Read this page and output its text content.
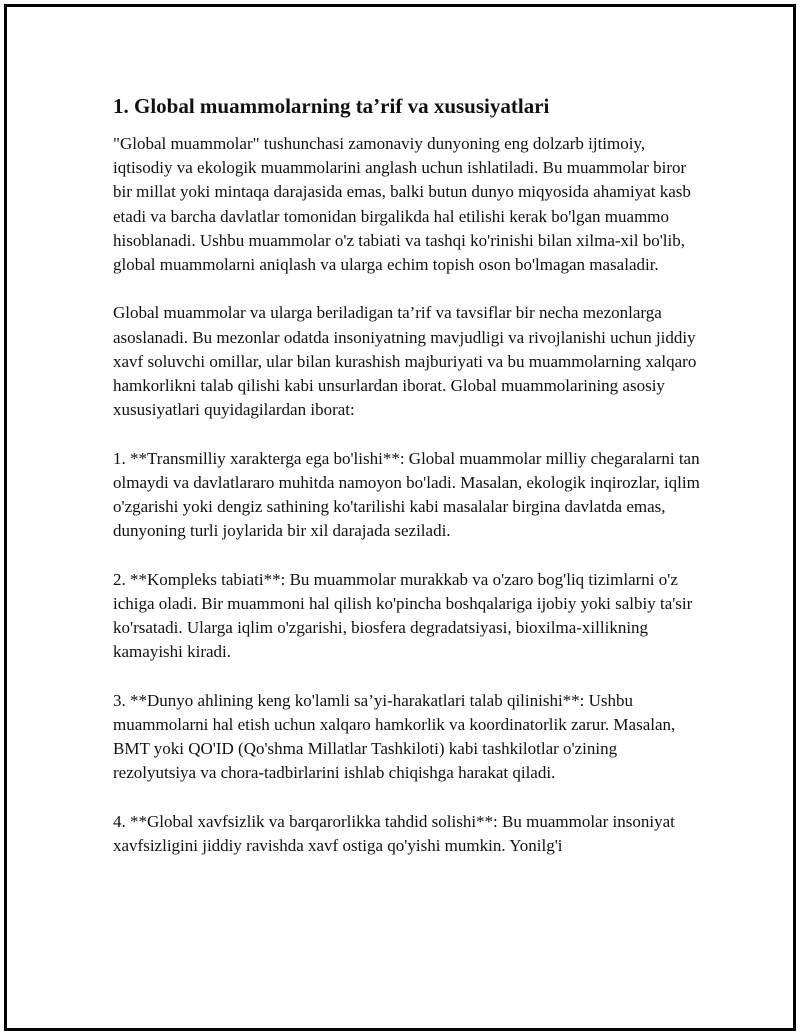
1. Global muammolarning ta’rif va xususiyatlari

"Global muammolar" tushunchasi zamonaviy dunyoning eng dolzarb ijtimoiy, iqtisodiy va ekologik muammolarini anglash uchun ishlatiladi. Bu muammolar biror bir millat yoki mintaqa darajasida emas, balki butun dunyo miqyosida ahamiyat kasb etadi va barcha davlatlar tomonidan birgalikda hal etilishi kerak bo'lgan muammo hisoblanadi. Ushbu muammolar o'z tabiati va tashqi ko'rinishi bilan xilma-xil bo'lib, global muammolarni aniqlash va ularga echim topish oson bo'lmagan masaladir.

Global muammolar va ularga beriladigan ta’rif va tavsiflar bir necha mezonlarga asoslanadi. Bu mezonlar odatda insoniyatning mavjudligi va rivojlanishi uchun jiddiy xavf soluvchi omillar, ular bilan kurashish majburiyati va bu muammolarning xalqaro hamkorlikni talab qilishi kabi unsurlardan iborat. Global muammolarining asosiy xususiyatlari quyidagilardan iborat:

1. **Transmilliy xarakterga ega bo'lishi**: Global muammolar milliy chegaralarni tan olmaydi va davlatlararo muhitda namoyon bo'ladi. Masalan, ekologik inqirozlar, iqlim o'zgarishi yoki dengiz sathining ko'tarilishi kabi masalalar birgina davlatda emas, dunyoning turli joylarida bir xil darajada seziladi.

2. **Kompleks tabiati**: Bu muammolar murakkab va o'zaro bog'liq tizimlarni o'z ichiga oladi. Bir muammoni hal qilish ko'pincha boshqalariga ijobiy yoki salbiy ta'sir ko'rsatadi. Ularga iqlim o'zgarishi, biosfera degradatsiyasi, bioxilma-xillikning kamayishi kiradi.

3. **Dunyo ahlining keng ko'lamli sa’yi-harakatlari talab qilinishi**: Ushbu muammolarni hal etish uchun xalqaro hamkorlik va koordinatorlik zarur. Masalan, BMT yoki QO'ID (Qo'shma Millatlar Tashkiloti) kabi tashkilotlar o'zining rezolyutsiya va chora-tadbirlarini ishlab chiqishga harakat qiladi.

4. **Global xavfsizlik va barqarorlikka tahdid solishi**: Bu muammolar insoniyat xavfsizligini jiddiy ravishda xavf ostiga qo'yishi mumkin. Yonilg'i
